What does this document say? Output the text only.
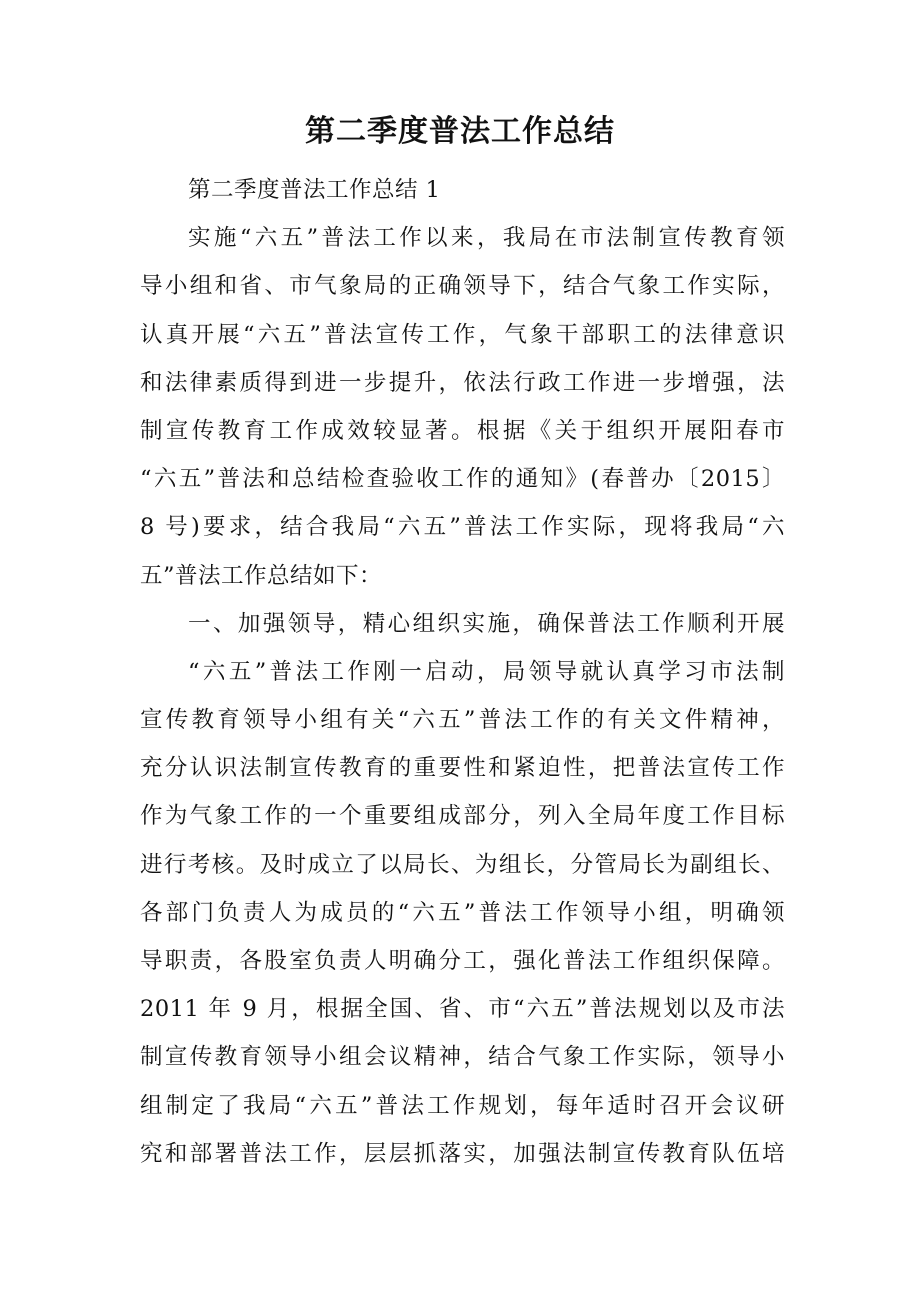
第二季度普法工作总结
第二季度普法工作总结 1
实施“六五”普法工作以来，我局在市法制宣传教育领
导小组和省、市气象局的正确领导下，结合气象工作实际，
认真开展“六五”普法宣传工作，气象干部职工的法律意识
和法律素质得到进一步提升，依法行政工作进一步增强，法
制宣传教育工作成效较显著。根据《关于组织开展阳春市
“六五”普法和总结检查验收工作的通知》(春普办〔2015〕
8 号)要求，结合我局“六五”普法工作实际，现将我局“六
五”普法工作总结如下：
一、加强领导，精心组织实施，确保普法工作顺利开展
“六五”普法工作刚一启动，局领导就认真学习市法制
宣传教育领导小组有关“六五”普法工作的有关文件精神，
充分认识法制宣传教育的重要性和紧迫性，把普法宣传工作
作为气象工作的一个重要组成部分，列入全局年度工作目标
进行考核。及时成立了以局长、为组长，分管局长为副组长、
各部门负责人为成员的“六五”普法工作领导小组，明确领
导职责，各股室负责人明确分工，强化普法工作组织保障。
2011 年 9 月，根据全国、省、市“六五”普法规划以及市法
制宣传教育领导小组会议精神，结合气象工作实际，领导小
组制定了我局“六五”普法工作规划，每年适时召开会议研
究和部署普法工作，层层抓落实，加强法制宣传教育队伍培
